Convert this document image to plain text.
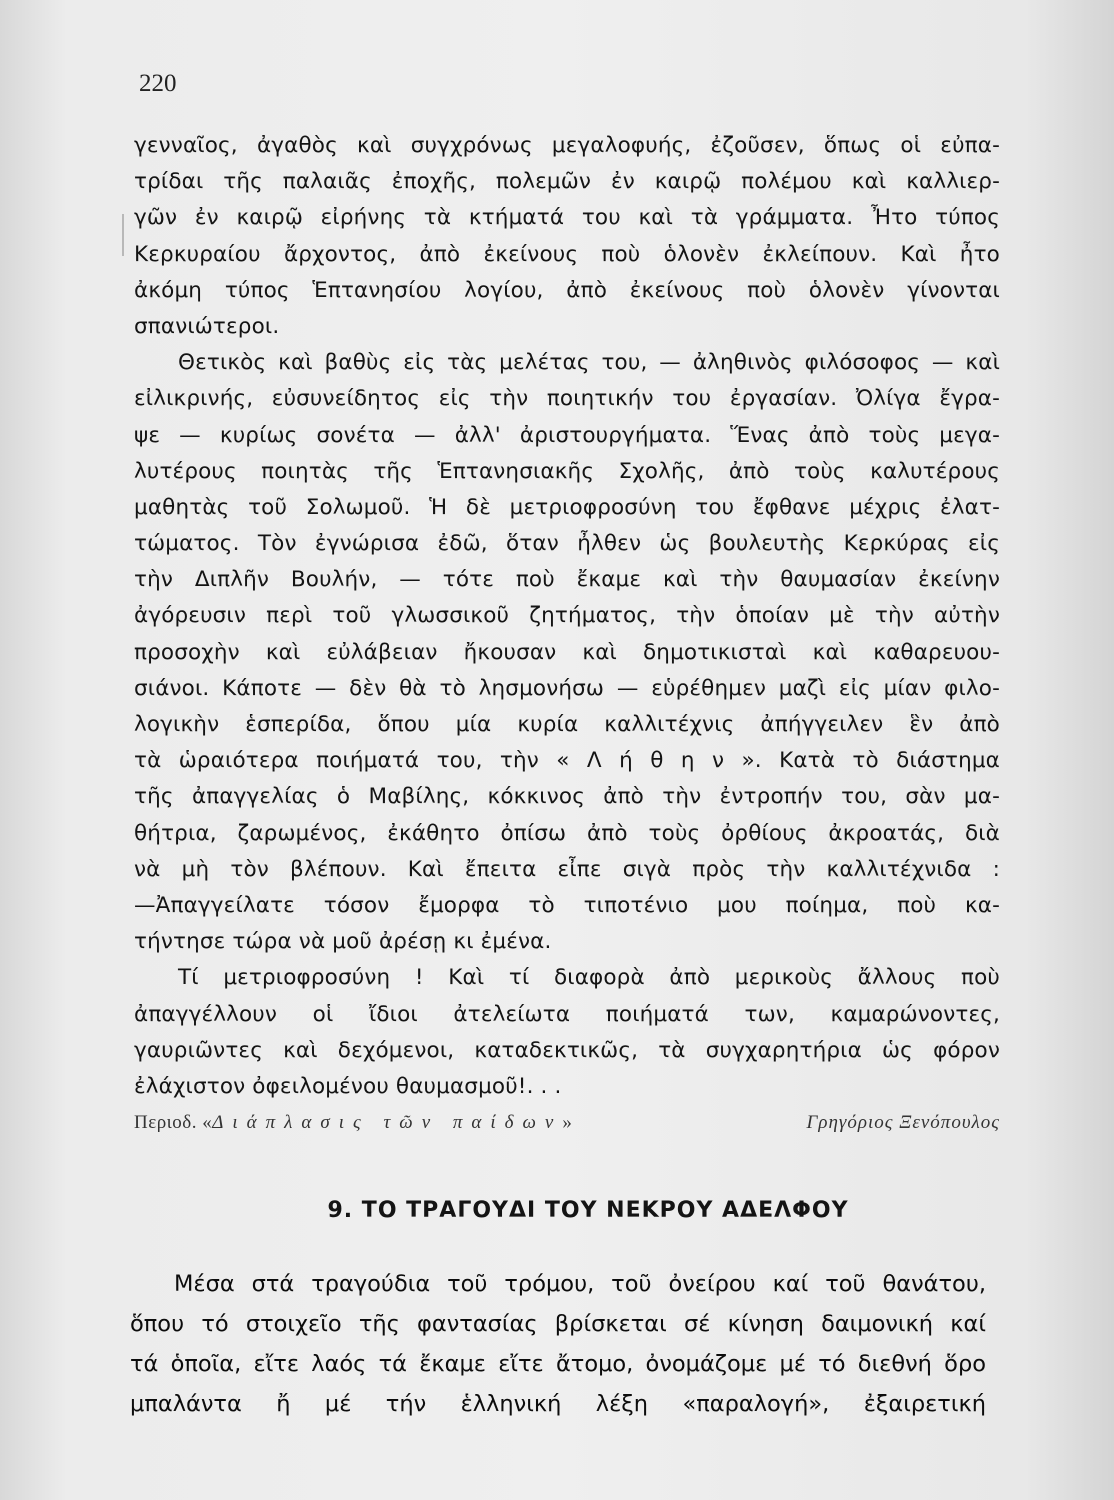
220
γενναῖος, ἀγαθὸς καὶ συγχρόνως μεγαλοφυής, ἐζοῦσεν, ὅπως οἱ εὐπα-
τρίδαι τῆς παλαιᾶς ἐποχῆς, πολεμῶν ἐν καιρῷ πολέμου καὶ καλλιερ-
γῶν ἐν καιρῷ εἰρήνης τὰ κτήματά του καὶ τὰ γράμματα. Ἦτο τύπος
Κερκυραίου ἄρχοντος, ἀπὸ ἐκείνους ποὺ ὁλονὲν ἐκλείπουν. Καὶ ἦτο
ἀκόμη τύπος Ἑπτανησίου λογίου, ἀπὸ ἐκείνους ποὺ ὁλονὲν γίνονται
σπανιώτεροι.
Θετικὸς καὶ βαθὺς εἰς τὰς μελέτας του, — ἀληθινὸς φιλόσοφος — καὶ
εἰλικρινής, εὐσυνείδητος εἰς τὴν ποιητικήν του ἐργασίαν. Ὀλίγα ἔγρα-
ψε — κυρίως σονέτα — ἀλλ' ἀριστουργήματα. Ἕνας ἀπὸ τοὺς μεγα-
λυτέρους ποιητὰς τῆς Ἑπτανησιακῆς Σχολῆς, ἀπὸ τοὺς καλυτέρους
μαθητὰς τοῦ Σολωμοῦ. Ἡ δὲ μετριοφροσύνη του ἔφθανε μέχρις ἐλατ-
τώματος. Τὸν ἐγνώρισα ἐδῶ, ὅταν ἦλθεν ὡς βουλευτὴς Κερκύρας εἰς
τὴν Διπλῆν Βουλήν, — τότε ποὺ ἔκαμε καὶ τὴν θαυμασίαν ἐκείνην
ἀγόρευσιν περὶ τοῦ γλωσσικοῦ ζητήματος, τὴν ὁποίαν μὲ τὴν αὐτὴν
προσοχὴν καὶ εὐλάβειαν ἤκουσαν καὶ δημοτικισταὶ καὶ καθαρευου-
σιάνοι. Κάποτε — δὲν θὰ τὸ λησμονήσω — εὑρέθημεν μαζὶ εἰς μίαν φιλο-
λογικὴν ἑσπερίδα, ὅπου μία κυρία καλλιτέχνις ἀπήγγειλεν ἓν ἀπὸ
τὰ ὡραιότερα ποιήματά του, τὴν « Λ ή θ η ν ». Κατὰ τὸ διάστημα
τῆς ἀπαγγελίας ὁ Μαβίλης, κόκκινος ἀπὸ τὴν ἐντροπήν του, σὰν μα-
θήτρια, ζαρωμένος, ἐκάθητο ὀπίσω ἀπὸ τοὺς ὀρθίους ἀκροατάς, διὰ
νὰ μὴ τὸν βλέπουν. Καὶ ἔπειτα εἶπε σιγὰ πρὸς τὴν καλλιτέχνιδα :
—Ἀπαγγείλατε τόσον ἔμορφα τὸ τιποτένιο μου ποίημα, ποὺ κα-
τήντησε τώρα νὰ μοῦ ἀρέσῃ κι ἐμένα.
Τί μετριοφροσύνη ! Καὶ τί διαφορὰ ἀπὸ μερικοὺς ἄλλους ποὺ
ἀπαγγέλλουν οἱ ἴδιοι ἀτελείωτα ποιήματά των, καμαρώνοντες,
γαυριῶντες καὶ δεχόμενοι, καταδεκτικῶς, τὰ συγχαρητήρια ὡς φόρον
ἐλάχιστον ὀφειλομένου θαυμασμοῦ!. . .
Περιοδ. «Διάπλασις τῶν παίδων»	Γρηγόριος Ξενόπουλος
9. ΤΟ ΤΡΑΓΟΥΔΙ ΤΟΥ ΝΕΚΡΟΥ ΑΔΕΛΦΟΥ
Μέσα στά τραγούδια τοῦ τρόμου, τοῦ ὀνείρου καί τοῦ θανάτου,
ὅπου τό στοιχεῖο τῆς φαντασίας βρίσκεται σέ κίνηση δαιμονική καί
τά ὁποῖα, εἴτε λαός τά ἔκαμε εἴτε ἄτομο, ὀνομάζομε μέ τό διεθνή ὅρο
μπαλάντα ἤ μέ τήν ἑλληνική λέξη «παραλογή», ἐξαιρετική
